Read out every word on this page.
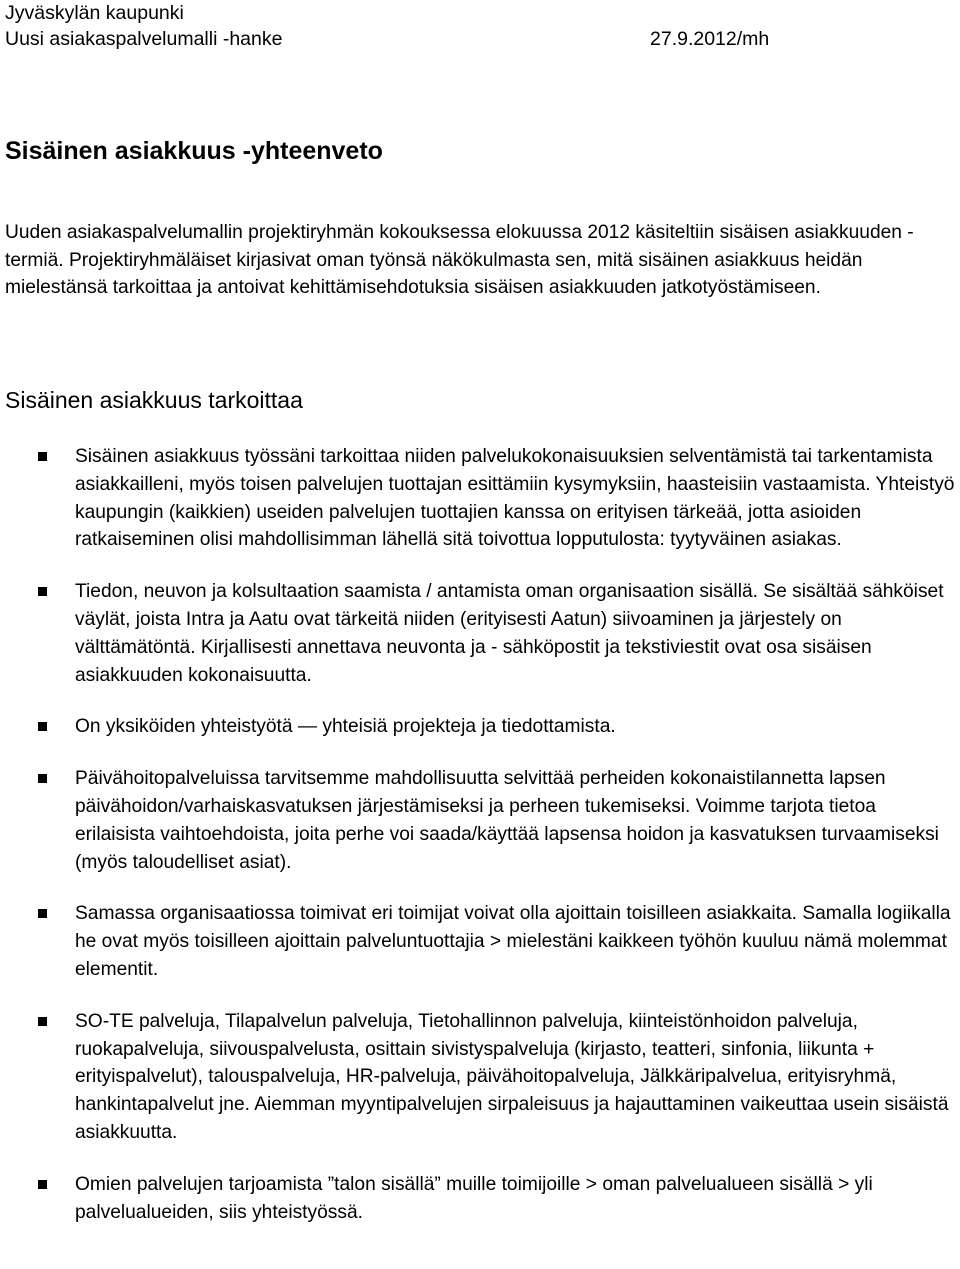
Jyväskylän kaupunki
Uusi asiakaspalvelumalli -hanke	27.9.2012/mh
Sisäinen asiakkuus -yhteenveto

Uuden asiakaspalvelumallin projektiryhmän kokouksessa elokuussa 2012 käsiteltiin sisäisen asiakkuuden -termiä. Projektiryhmäläiset kirjasivat oman työnsä näkökulmasta sen, mitä sisäinen asiakkuus heidän mielestänsä tarkoittaa ja antoivat kehittämisehdotuksia sisäisen asiakkuuden jatkotyöstämiseen.

Sisäinen asiakkuus tarkoittaa
Sisäinen asiakkuus työssäni tarkoittaa niiden palvelukokonaisuuksien selventämistä tai tarkentamista asiakkailleni, myös toisen palvelujen tuottajan esittämiin kysymyksiin, haasteisiin vastaamista. Yhteistyö kaupungin (kaikkien) useiden palvelujen tuottajien kanssa on erityisen tärkeää, jotta asioiden ratkaiseminen olisi mahdollisimman lähellä sitä toivottua lopputulosta: tyytyväinen asiakas.
Tiedon, neuvon ja kolsultaation saamista / antamista oman organisaation sisällä. Se sisältää sähköiset väylät, joista Intra ja Aatu ovat tärkeitä niiden (erityisesti Aatun) siivoaminen ja järjestely on välttämätöntä. Kirjallisesti annettava neuvonta ja - sähköpostit ja tekstiviestit ovat osa sisäisen asiakkuuden kokonaisuutta.
On yksiköiden yhteistyötä — yhteisiä projekteja ja tiedottamista.
Päivähoitopalveluissa tarvitsemme mahdollisuutta selvittää perheiden kokonaistilannetta lapsen päivähoidon/varhaiskasvatuksen järjestämiseksi ja perheen tukemiseksi. Voimme tarjota tietoa erilaisista vaihtoehdoista, joita perhe voi saada/käyttää lapsensa hoidon ja kasvatuksen turvaamiseksi (myös taloudelliset asiat).
Samassa organisaatiossa toimivat eri toimijat voivat olla ajoittain toisilleen asiakkaita. Samalla logiikalla he ovat myös toisilleen ajoittain palveluntuottajia > mielestäni kaikkeen työhön kuuluu nämä molemmat elementit.
SO-TE palveluja, Tilapalvelun palveluja, Tietohallinnon palveluja, kiinteistönhoidon palveluja, ruokapalveluja, siivouspalvelusta, osittain sivistyspalveluja (kirjasto, teatteri, sinfonia, liikunta + erityispalvelut), talouspalveluja, HR-palveluja, päivähoitopalveluja, Jälkkäripalvelua, erityisryhmä, hankintapalvelut jne. Aiemman myyntipalvelujen sirpaleisuus ja hajauttaminen vaikeuttaa usein sisäistä asiakkuutta.
Omien palvelujen tarjoamista ”talon sisällä” muille toimijoille > oman palvelualueen sisällä > yli palvelualueiden, siis yhteistyössä.
